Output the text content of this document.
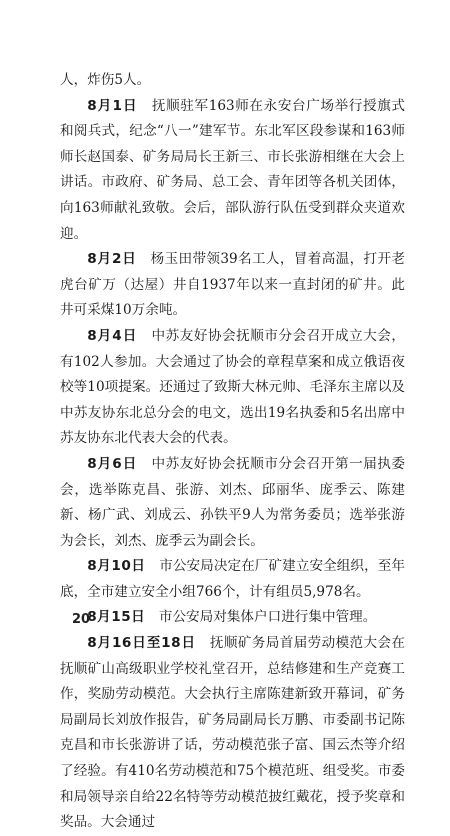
人，炸伤5人。

8月1日　 抚顺驻军163师在永安台广场举行授旗式和阅兵式，纪念“八一”建军节。东北军区段参谋和163师师长赵国泰、矿务局局长王新三、市长张游相继在大会上讲话。市政府、矿务局、总工会、青年团等各机关团体，向163师献礼致敬。会后，部队游行队伍受到群众夹道欢迎。

8月2日　 杨玉田带领39名工人，冒着高温，打开老虎台矿万（达屋）井自1937年以来一直封闭的矿井。此井可采煤10万余吨。

8月4日　 中苏友好协会抚顺市分会召开成立大会，有102人参加。大会通过了协会的章程草案和成立俄语夜校等10项提案。还通过了致斯大林元帅、毛泽东主席以及中苏友协东北总分会的电文，选出19名执委和5名出席中苏友协东北代表大会的代表。

8月6日　 中苏友好协会抚顺市分会召开第一届执委会，选举陈克昌、张游、刘杰、邱丽华、庞季云、陈建新、杨广武、刘成云、孙铁平9人为常务委员；选举张游为会长，刘杰、庞季云为副会长。

8月10日　 市公安局决定在厂矿建立安全组织，至年底，全市建立安全小组766个，计有组员5,978名。

8月15日　 市公安局对集体户口进行集中管理。

8月16日至18日　 抚顺矿务局首届劳动模范大会在抚顺矿山高级职业学校礼堂召开，总结修建和生产竞赛工作，奖励劳动模范。大会执行主席陈建新致开幕词，矿务局副局长刘放作报告，矿务局副局长万鹏、市委副书记陈克昌和市长张游讲了话，劳动模范张子富、国云杰等介绍了经验。有410名劳动模范和75个模范班、组受奖。市委和局领导亲自给22名特等劳动模范披红戴花，授予奖章和奖品。大会通过

20
